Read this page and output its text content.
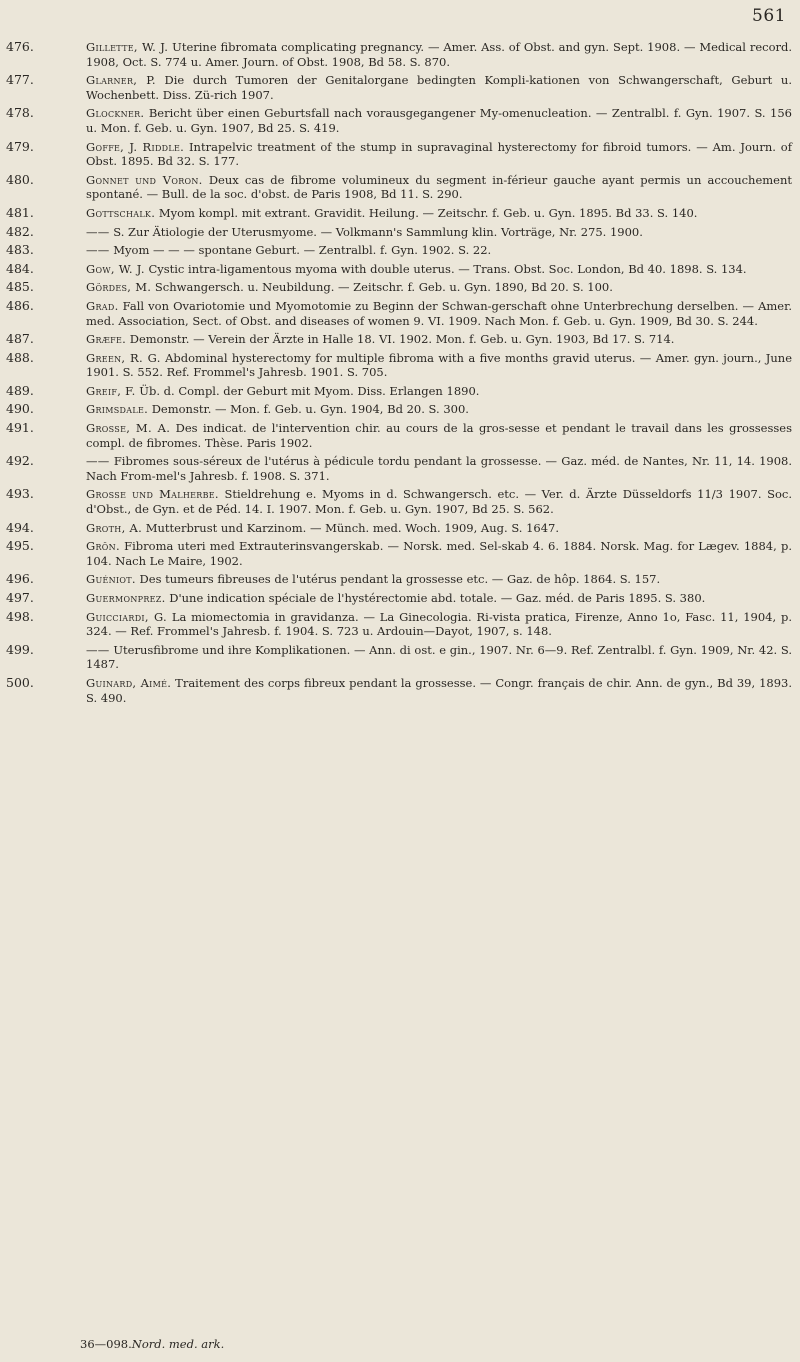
561
476.	Gillette, W. J. Uterine fibromata complicating pregnancy. — Amer. Ass. of Obst. and gyn. Sept. 1908. — Medical record. 1908, Oct. S. 774 u. Amer. Journ. of Obst. 1908, Bd 58. S. 870.
477.	Glarner, P. Die durch Tumoren der Genitalorgane bedingten Kompli-kationen von Schwangerschaft, Geburt u. Wochenbett. Diss. Zü-rich 1907.
478.	Glockner. Bericht über einen Geburtsfall nach vorausgegangener My-omenucleation. — Zentralbl. f. Gyn. 1907. S. 156 u. Mon. f. Geb. u. Gyn. 1907, Bd 25. S. 419.
479.	Goffe, J. Riddle. Intrapelvic treatment of the stump in supravaginal hysterectomy for fibroid tumors. — Am. Journ. of Obst. 1895. Bd 32. S. 177.
480.	Gonnet und Voron. Deux cas de fibrome volumineux du segment in-férieur gauche ayant permis un accouchement spontané. — Bull. de la soc. d'obst. de Paris 1908, Bd 11. S. 290.
481.	Gottschalk. Myom kompl. mit extrant. Gravidit. Heilung. — Zeitschr. f. Geb. u. Gyn. 1895. Bd 33. S. 140.
482.	—— S. Zur Ätiologie der Uterusmyome. — Volkmann's Sammlung klin. Vorträge, Nr. 275. 1900.
483.	—— Myom — — — spontane Geburt. — Zentralbl. f. Gyn. 1902. S. 22.
484.	Gow, W. J. Cystic intra-ligamentous myoma with double uterus. — Trans. Obst. Soc. London, Bd 40. 1898. S. 134.
485.	Gördes, M. Schwangersch. u. Neubildung. — Zeitschr. f. Geb. u. Gyn. 1890, Bd 20. S. 100.
486.	Grad. Fall von Ovariotomie und Myomotomie zu Beginn der Schwan-gerschaft ohne Unterbrechung derselben. — Amer. med. Association, Sect. of Obst. and diseases of women 9. VI. 1909. Nach Mon. f. Geb. u. Gyn. 1909, Bd 30. S. 244.
487.	Græfe. Demonstr. — Verein der Ärzte in Halle 18. VI. 1902. Mon. f. Geb. u. Gyn. 1903, Bd 17. S. 714.
488.	Green, R. G. Abdominal hysterectomy for multiple fibroma with a five months gravid uterus. — Amer. gyn. journ., June 1901. S. 552. Ref. Frommel's Jahresb. 1901. S. 705.
489.	Greif, F. Üb. d. Compl. der Geburt mit Myom. Diss. Erlangen 1890.
490.	Grimsdale. Demonstr. — Mon. f. Geb. u. Gyn. 1904, Bd 20. S. 300.
491.	Grosse, M. A. Des indicat. de l'intervention chir. au cours de la gros-sesse et pendant le travail dans les grossesses compl. de fibromes. Thèse. Paris 1902.
492.	—— Fibromes sous-séreux de l'utérus à pédicule tordu pendant la grossesse. — Gaz. méd. de Nantes, Nr. 11, 14. 1908. Nach From-mel's Jahresb. f. 1908. S. 371.
493.	Grosse und Malherbe. Stieldrehung e. Myoms in d. Schwangersch. etc. — Ver. d. Ärzte Düsseldorfs 11/3 1907. Soc. d'Obst., de Gyn. et de Péd. 14. I. 1907. Mon. f. Geb. u. Gyn. 1907, Bd 25. S. 562.
494.	Groth, A. Mutterbrust und Karzinom. — Münch. med. Woch. 1909, Aug. S. 1647.
495.	Grön. Fibroma uteri med Extrauterinsvangerskab. — Norsk. med. Sel-skab 4. 6. 1884. Norsk. Mag. for Lægev. 1884, p. 104. Nach Le Maire, 1902.
496.	Guéniot. Des tumeurs fibreuses de l'utérus pendant la grossesse etc. — Gaz. de hôp. 1864. S. 157.
497.	Guermonprez. D'une indication spéciale de l'hystérectomie abd. totale. — Gaz. méd. de Paris 1895. S. 380.
498.	Guicciardi, G. La miomectomia in gravidanza. — La Ginecologia. Ri-vista pratica, Firenze, Anno 1o, Fasc. 11, 1904, p. 324. — Ref. Frommel's Jahresb. f. 1904. S. 723 u. Ardouin—Dayot, 1907, s. 148.
499.	—— Uterusfibrome und ihre Komplikationen. — Ann. di ost. e gin., 1907. Nr. 6—9. Ref. Zentralbl. f. Gyn. 1909, Nr. 42. S. 1487.
500.	Guinard, Aimé. Traitement des corps fibreux pendant la grossesse. — Congr. français de chir. Ann. de gyn., Bd 39, 1893. S. 490.
36—098.Nord. med. ark.
